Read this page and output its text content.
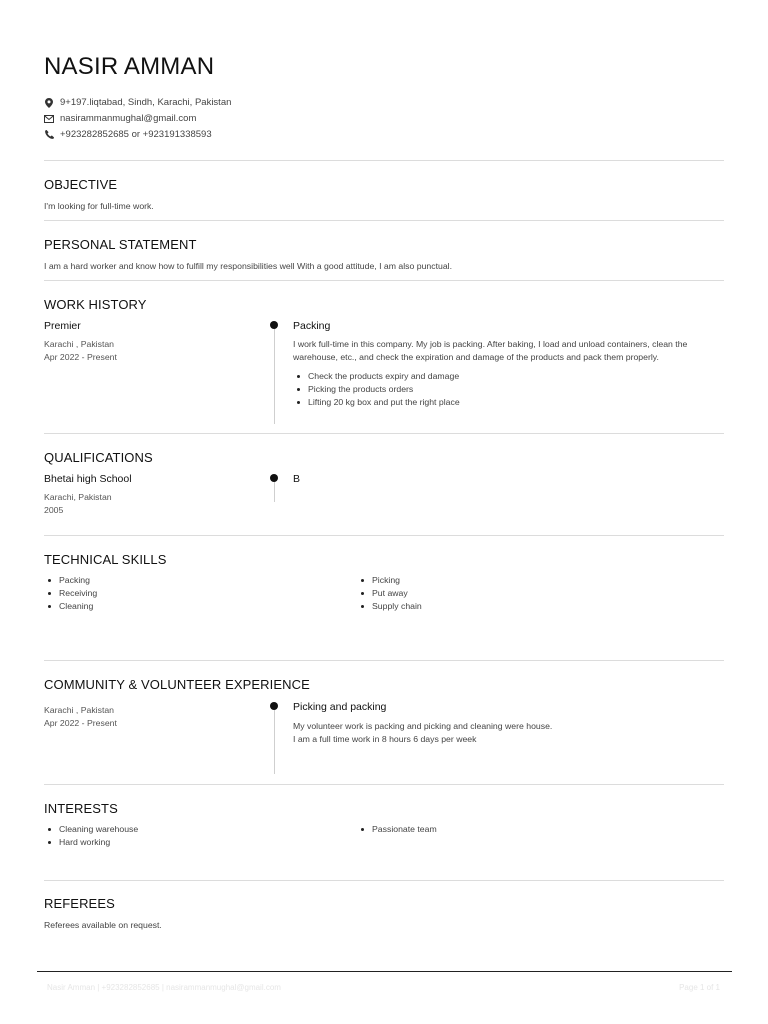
NASIR AMMAN
9+197.liqtabad, Sindh, Karachi, Pakistan
nasirammanmughal@gmail.com
+923282852685 or +923191338593
OBJECTIVE
I'm looking for full-time work.
PERSONAL STATEMENT
I am a hard worker and know how to fulfill my responsibilities well With a good attitude, I am also punctual.
WORK HISTORY
Premier
Karachi , Pakistan
Apr 2022 - Present
Packing
I work full-time in this company. My job is packing. After baking, I load and unload containers, clean the warehouse, etc., and check the expiration and damage of the products and pack them properly.
Check the products expiry and damage
Picking the products orders
Lifting 20 kg box and put the right place
QUALIFICATIONS
Bhetai high School
Karachi, Pakistan
2005
B
TECHNICAL SKILLS
Packing
Receiving
Cleaning
Picking
Put away
Supply chain
COMMUNITY & VOLUNTEER EXPERIENCE
Karachi , Pakistan
Apr 2022 - Present
Picking and packing
My volunteer work is packing and picking and cleaning were house.
I am a full time work in 8 hours 6 days per week
INTERESTS
Cleaning warehouse
Hard working
Passionate team
REFEREES
Referees available on request.
Nasir Amman | +923282852685 | nasirammanmughal@gmail.com	Page 1 of 1
